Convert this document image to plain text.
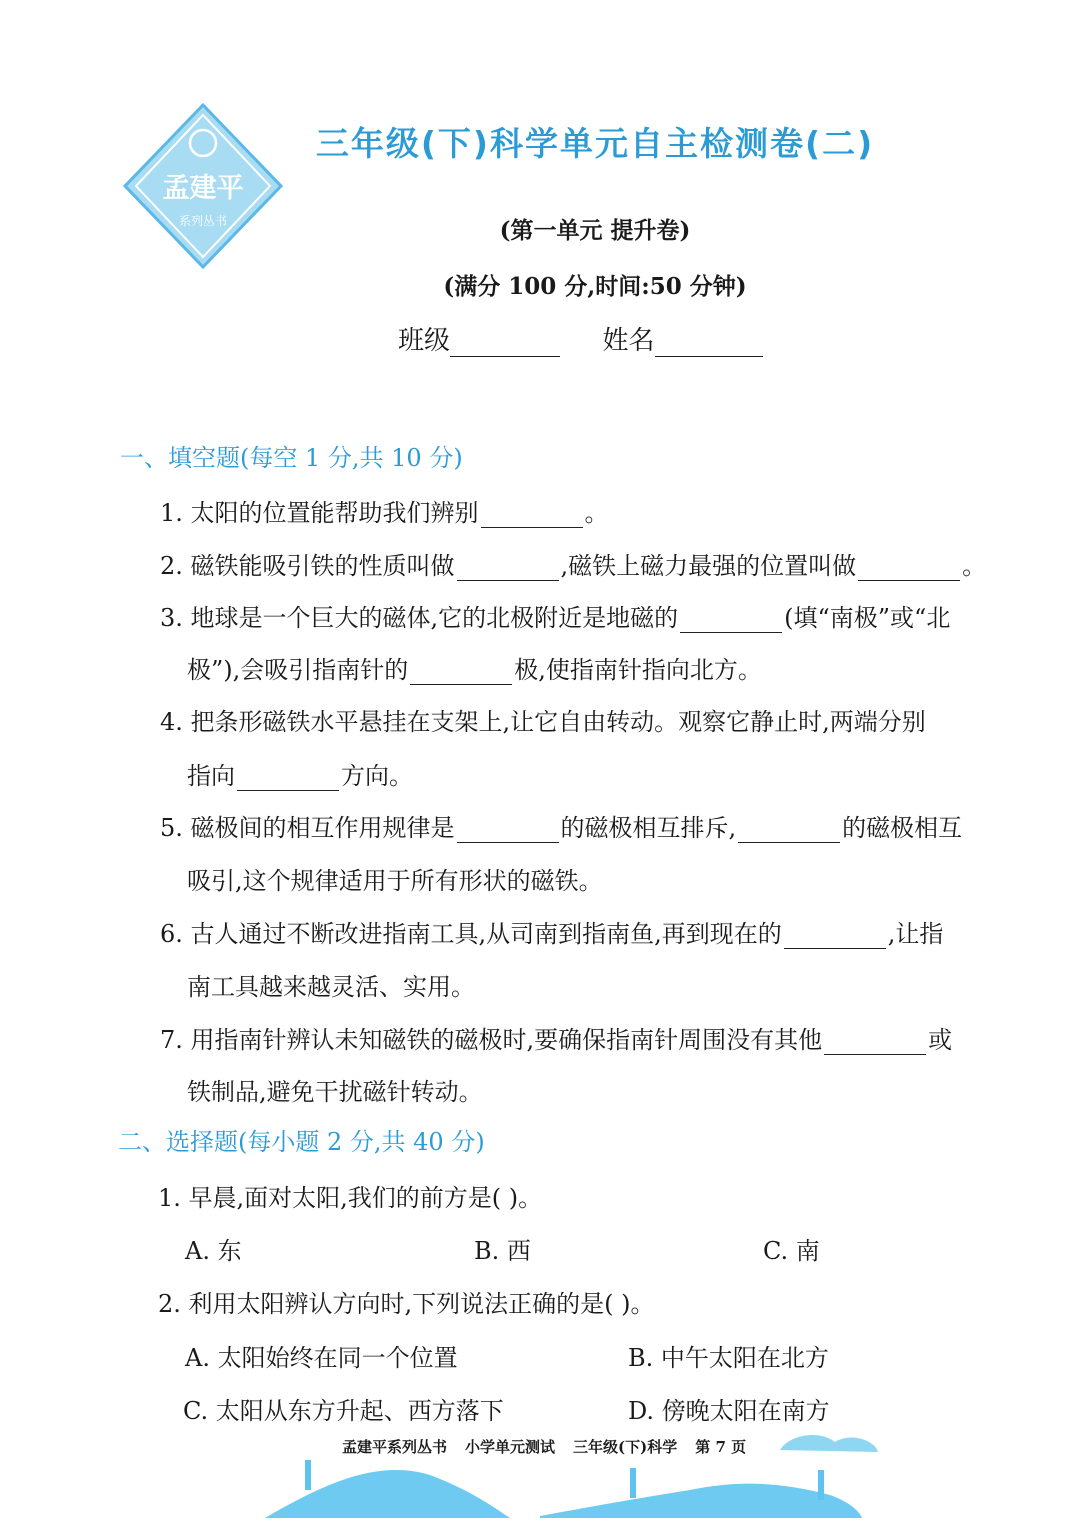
孟建平
系列丛书
三年级(下)科学单元自主检测卷(二)
(第一单元 提升卷)
(满分 100 分,时间:50 分钟)
班级	姓名
一、填空题(每空 1 分,共 10 分)
1. 太阳的位置能帮助我们辨别	。
2. 磁铁能吸引铁的性质叫做	,磁铁上磁力最强的位置叫做	。
3. 地球是一个巨大的磁体,它的北极附近是地磁的	(填“南极”或“北
极”),会吸引指南针的	极,使指南针指向北方。
4. 把条形磁铁水平悬挂在支架上,让它自由转动。观察它静止时,两端分别
指向	方向。
5. 磁极间的相互作用规律是	的磁极相互排斥,	的磁极相互
吸引,这个规律适用于所有形状的磁铁。
6. 古人通过不断改进指南工具,从司南到指南鱼,再到现在的	,让指
南工具越来越灵活、实用。
7. 用指南针辨认未知磁铁的磁极时,要确保指南针周围没有其他	或
铁制品,避免干扰磁针转动。
二、选择题(每小题 2 分,共 40 分)
1. 早晨,面对太阳,我们的前方是( )。
A. 东	B. 西	C. 南
2. 利用太阳辨认方向时,下列说法正确的是( )。
A. 太阳始终在同一个位置	B. 中午太阳在北方
C. 太阳从东方升起、西方落下	D. 傍晚太阳在南方
孟建平系列丛书 小学单元测试 三年级(下)科学 第 7 页
